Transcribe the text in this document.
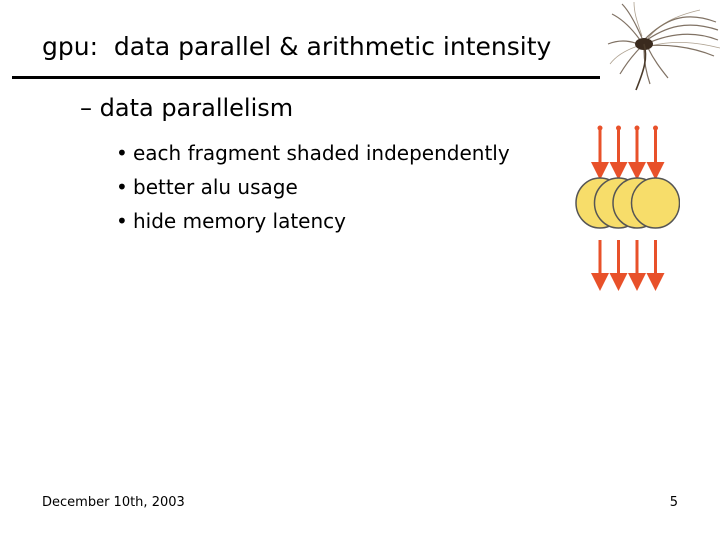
gpu:  data parallel & arithmetic intensity
– data parallelism
• each fragment shaded independently
• better alu usage
• hide memory latency
December 10th, 2003	5
